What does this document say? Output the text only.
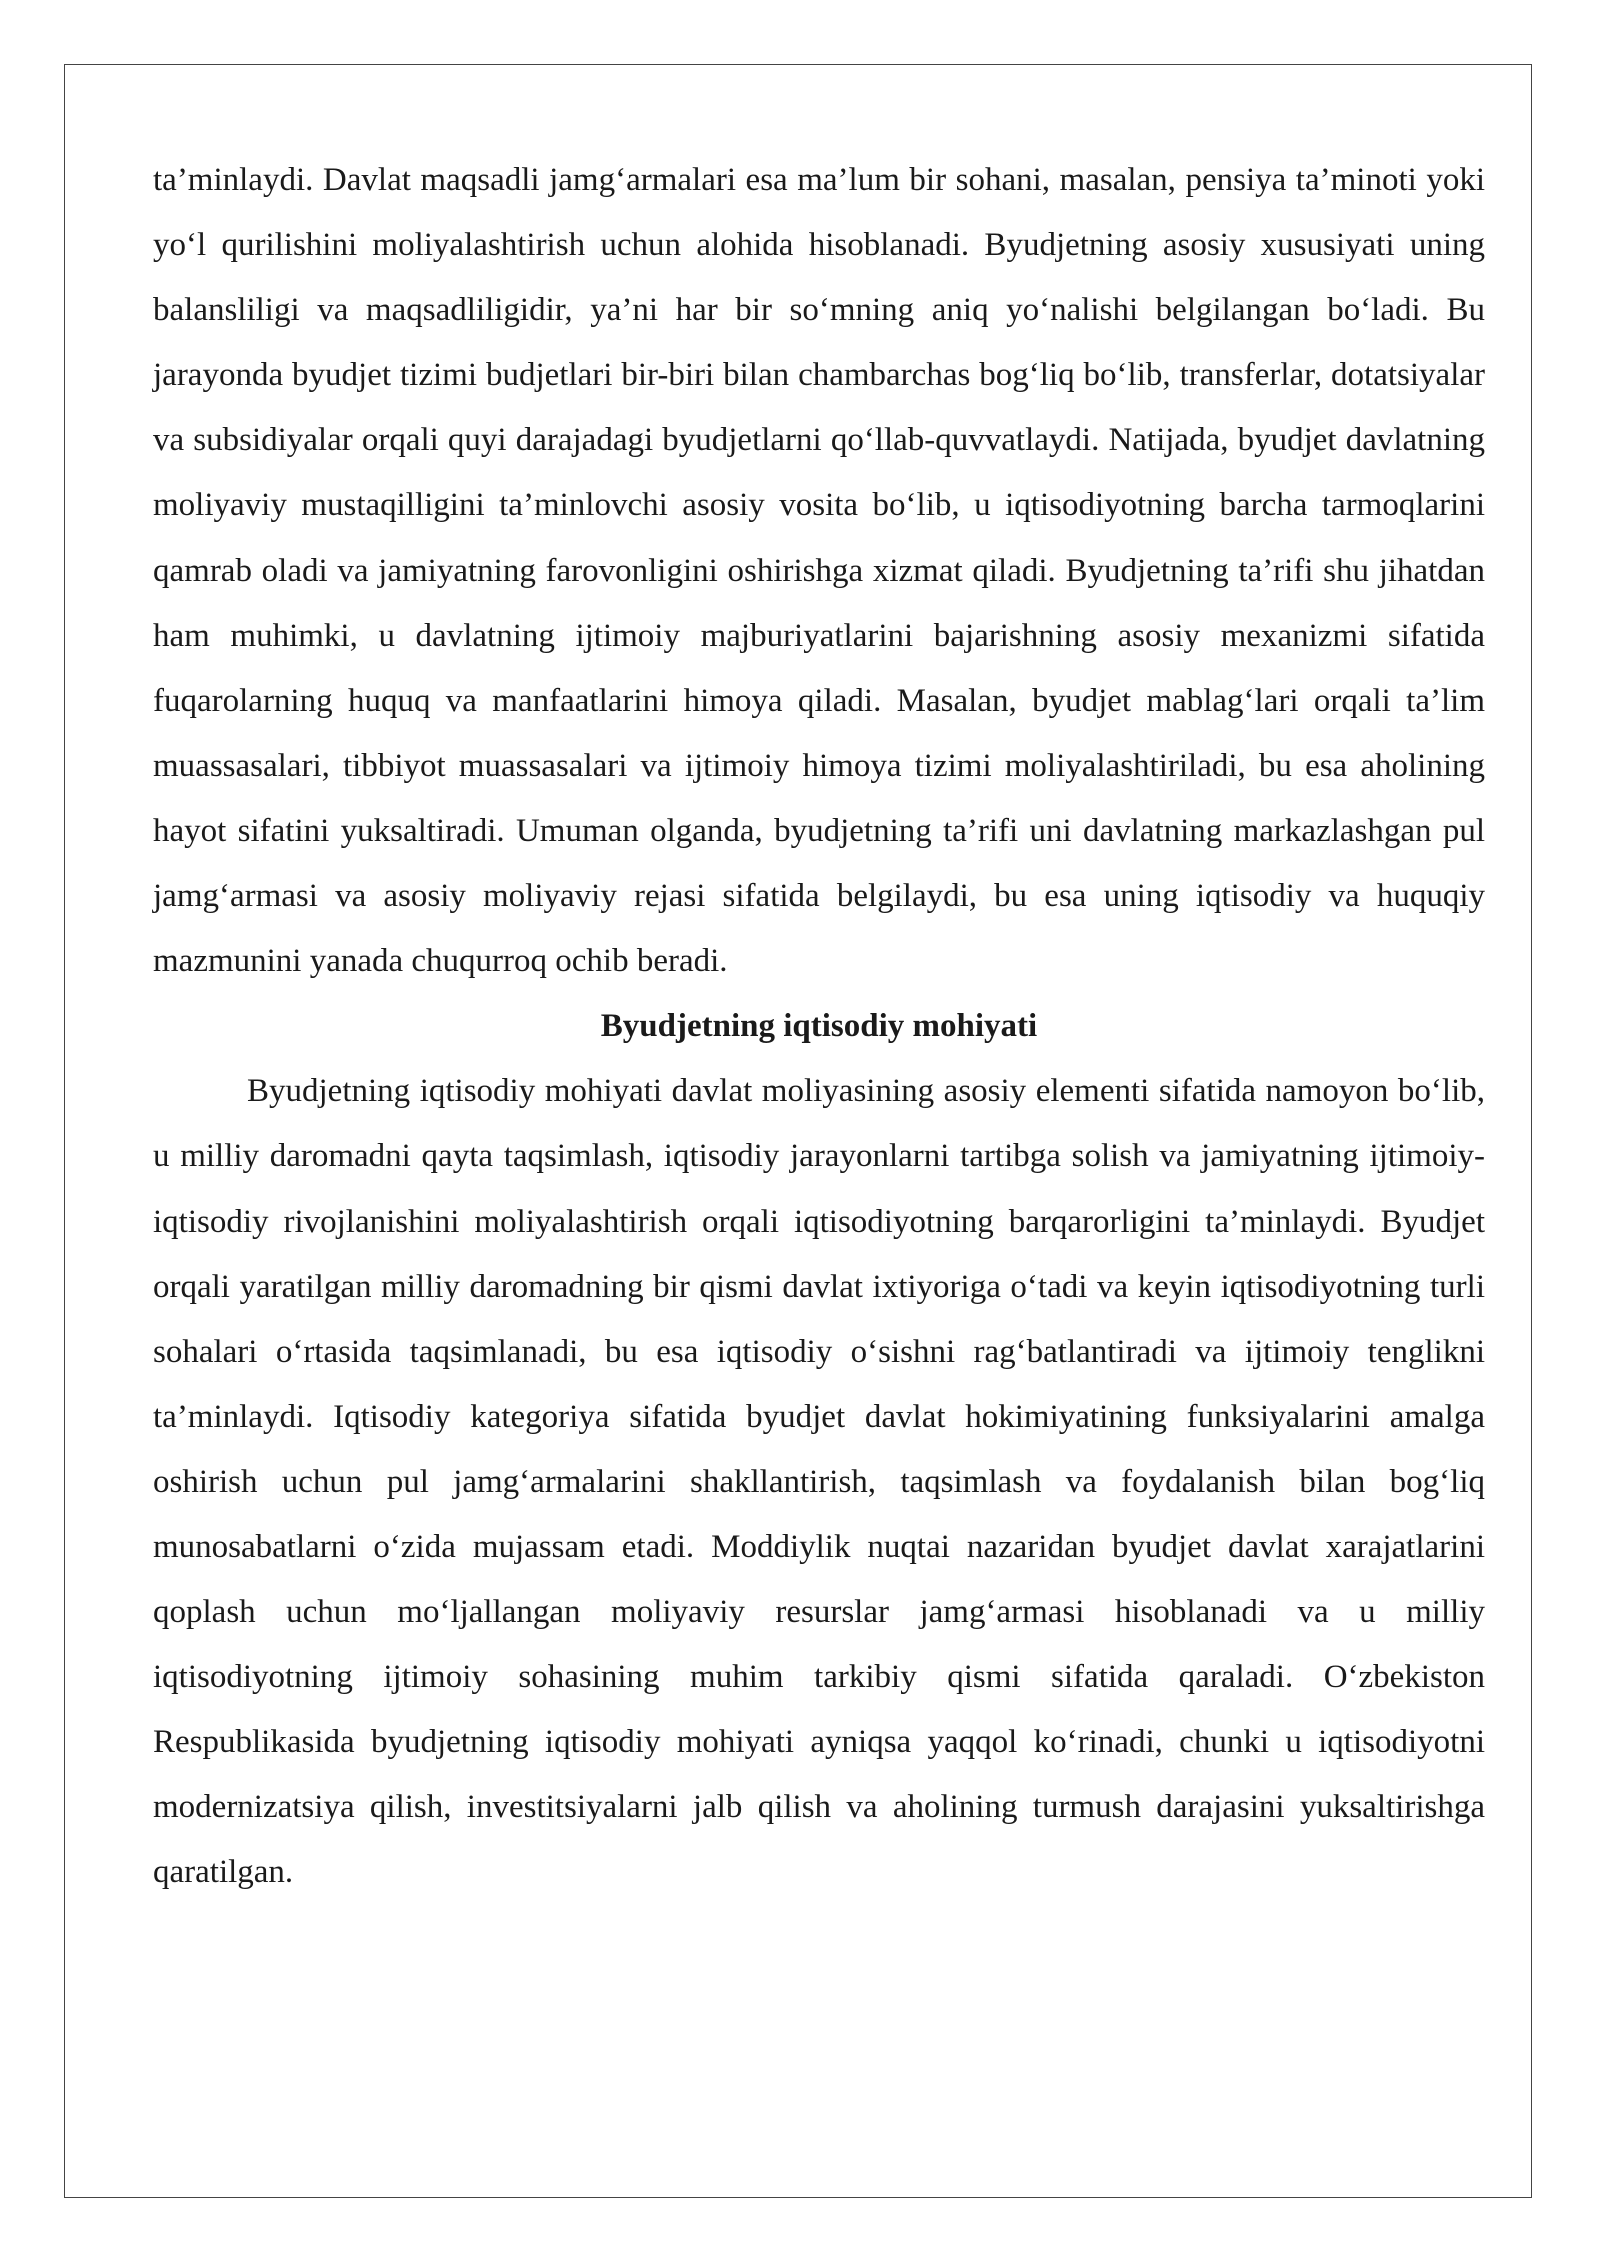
ta’minlaydi. Davlat maqsadli jamg‘armalari esa ma’lum bir sohani, masalan, pensiya ta’minoti yoki yo‘l qurilishini moliyalashtirish uchun alohida hisoblanadi. Byudjetning asosiy xususiyati uning balansliligi va maqsadliligidir, ya’ni har bir so‘mning aniq yo‘nalishi belgilangan bo‘ladi. Bu jarayonda byudjet tizimi budjetlari bir-biri bilan chambarchas bog‘liq bo‘lib, transferlar, dotatsiyalar va subsidiyalar orqali quyi darajadagi byudjetlarni qo‘llab-quvvatlaydi. Natijada, byudjet davlatning moliyaviy mustaqilligini ta’minlovchi asosiy vosita bo‘lib, u iqtisodiyotning barcha tarmoqlarini qamrab oladi va jamiyatning farovonligini oshirishga xizmat qiladi. Byudjetning ta’rifi shu jihatdan ham muhimki, u davlatning ijtimoiy majburiyatlarini bajarishning asosiy mexanizmi sifatida fuqarolarning huquq va manfaatlarini himoya qiladi. Masalan, byudjet mablag‘lari orqali ta’lim muassasalari, tibbiyot muassasalari va ijtimoiy himoya tizimi moliyalashtiriladi, bu esa aholining hayot sifatini yuksaltiradi. Umuman olganda, byudjetning ta’rifi uni davlatning markazlashgan pul jamg‘armasi va asosiy moliyaviy rejasi sifatida belgilaydi, bu esa uning iqtisodiy va huquqiy mazmunini yanada chuqurroq ochib beradi.

Byudjetning iqtisodiy mohiyati

Byudjetning iqtisodiy mohiyati davlat moliyasining asosiy elementi sifatida namoyon bo‘lib, u milliy daromadni qayta taqsimlash, iqtisodiy jarayonlarni tartibga solish va jamiyatning ijtimoiy-iqtisodiy rivojlanishini moliyalashtirish orqali iqtisodiyotning barqarorligini ta’minlaydi. Byudjet orqali yaratilgan milliy daromadning bir qismi davlat ixtiyoriga o‘tadi va keyin iqtisodiyotning turli sohalari o‘rtasida taqsimlanadi, bu esa iqtisodiy o‘sishni rag‘batlantiradi va ijtimoiy tenglikni ta’minlaydi. Iqtisodiy kategoriya sifatida byudjet davlat hokimiyatining funksiyalarini amalga oshirish uchun pul jamg‘armalarini shakllantirish, taqsimlash va foydalanish bilan bog‘liq munosabatlarni o‘zida mujassam etadi. Moddiylik nuqtai nazaridan byudjet davlat xarajatlarini qoplash uchun mo‘ljallangan moliyaviy resurslar jamg‘armasi hisoblanadi va u milliy iqtisodiyotning ijtimoiy sohasining muhim tarkibiy qismi sifatida qaraladi. O‘zbekiston Respublikasida byudjetning iqtisodiy mohiyati ayniqsa yaqqol ko‘rinadi, chunki u iqtisodiyotni modernizatsiya qilish, investitsiyalarni jalb qilish va aholining turmush darajasini yuksaltirishga qaratilgan.
